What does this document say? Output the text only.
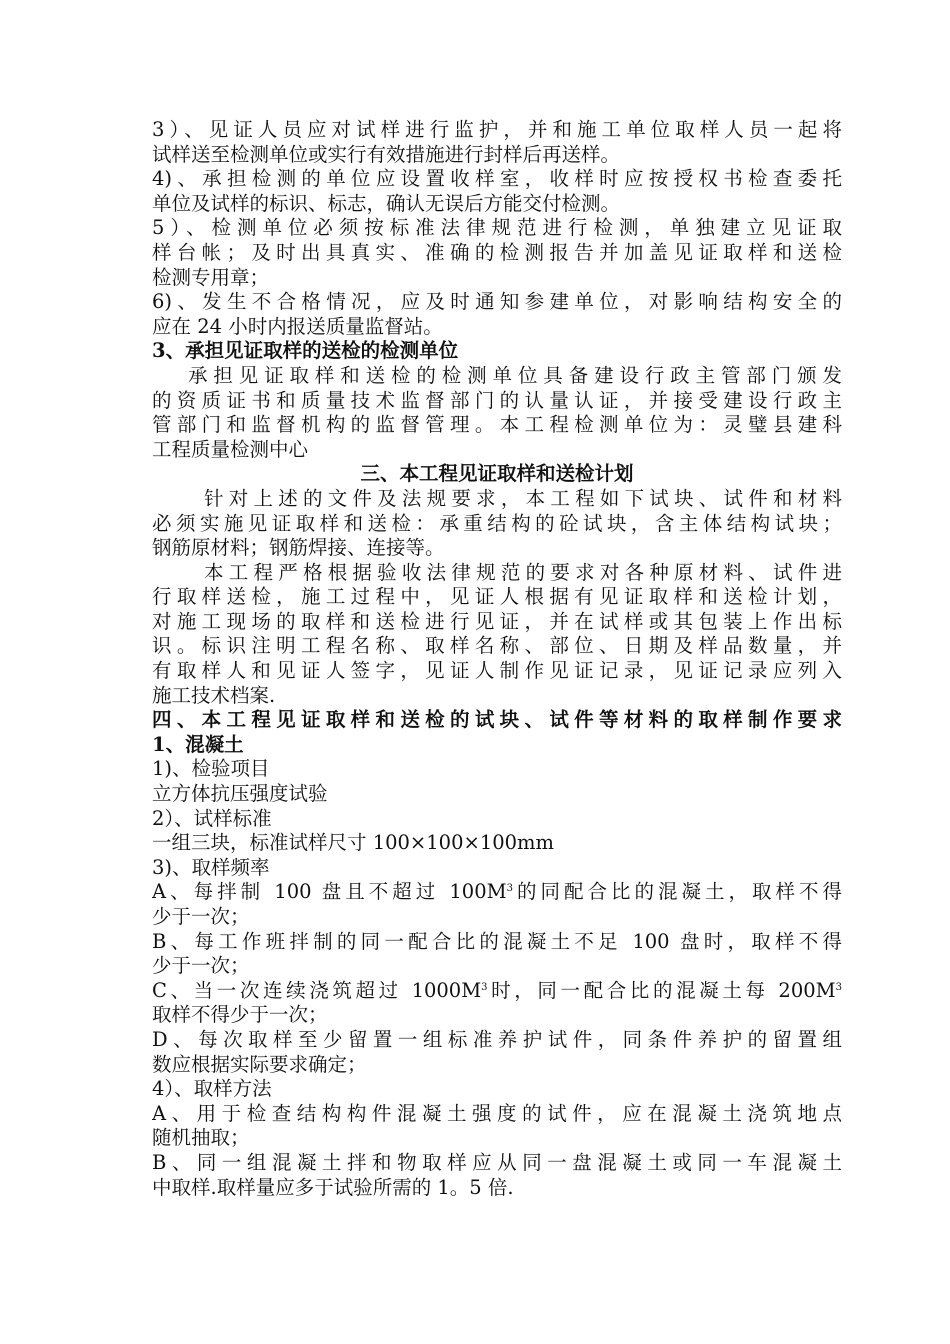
3）、见证人员应对试样进行监护，并和施工单位取样人员一起将
试样送至检测单位或实行有效措施进行封样后再送样。
4)、承担检测的单位应设置收样室，收样时应按授权书检查委托
单位及试样的标识、标志，确认无误后方能交付检测。
5）、检测单位必须按标准法律规范进行检测，单独建立见证取
样台帐；及时出具真实、准确的检测报告并加盖见证取样和送检
检测专用章；
6)、发生不合格情况，应及时通知参建单位，对影响结构安全的
应在 24 小时内报送质量监督站。
3、承担见证取样的送检的检测单位
承担见证取样和送检的检测单位具备建设行政主管部门颁发
的资质证书和质量技术监督部门的认量认证，并接受建设行政主
管部门和监督机构的监督管理。本工程检测单位为：灵璧县建科
工程质量检测中心
三、本工程见证取样和送检计划
针对上述的文件及法规要求，本工程如下试块、试件和材料
必须实施见证取样和送检：承重结构的砼试块，含主体结构试块；
钢筋原材料；钢筋焊接、连接等。
本工程严格根据验收法律规范的要求对各种原材料、试件进
行取样送检，施工过程中，见证人根据有见证取样和送检计划，
对施工现场的取样和送检进行见证，并在试样或其包装上作出标
识。标识注明工程名称、取样名称、部位、日期及样品数量，并
有取样人和见证人签字，见证人制作见证记录，见证记录应列入
施工技术档案.
四、本工程见证取样和送检的试块、试件等材料的取样制作要求
1、混凝土
1)、检验项目
立方体抗压强度试验
2）、试样标准
一组三块，标准试样尺寸 100×100×100mm
3)、取样频率
A、每拌制 100 盘且不超过 $100M^3$的同配合比的混凝土，取样不得
少于一次；
B、每工作班拌制的同一配合比的混凝土不足 100 盘时，取样不得
少于一次；
C、当一次连续浇筑超过 $1000M^3$时，同一配合比的混凝土每 $200M^3$
取样不得少于一次；
D、每次取样至少留置一组标准养护试件，同条件养护的留置组
数应根据实际要求确定；
4）、取样方法
A、用于检查结构构件混凝土强度的试件，应在混凝土浇筑地点
随机抽取；
B、同一组混凝土拌和物取样应从同一盘混凝土或同一车混凝土
中取样.取样量应多于试验所需的 1。5 倍.
